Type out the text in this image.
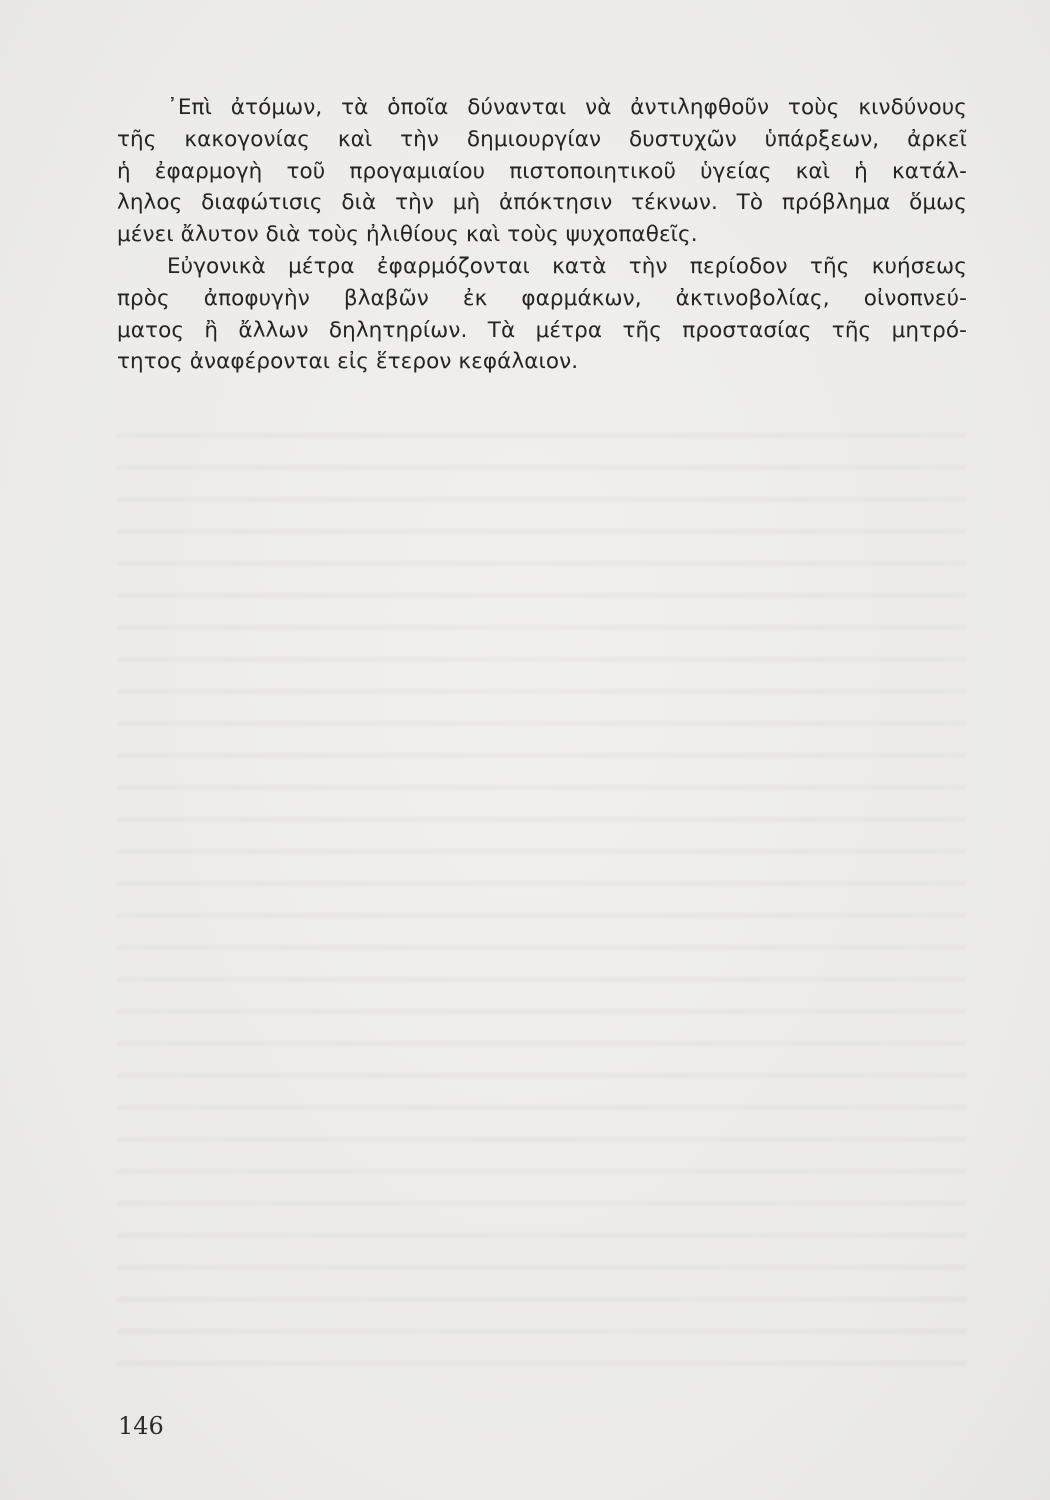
᾿Επὶ ἀτόμων, τὰ ὁποῖα δύνανται νὰ ἀντιληφθοῦν τοὺς κινδύνους
τῆς κακογονίας καὶ τὴν δημιουργίαν δυστυχῶν ὑπάρξεων, ἀρκεῖ
ἡ ἐφαρμογὴ τοῦ προγαμιαίου πιστοποιητικοῦ ὑγείας καὶ ἡ κατάλ-
ληλος διαφώτισις διὰ τὴν μὴ ἀπόκτησιν τέκνων. Τὸ πρόβλημα ὅμως
μένει ἄλυτον διὰ τοὺς ἠλιθίους καὶ τοὺς ψυχοπαθεῖς.
Εὐγονικὰ μέτρα ἐφαρμόζονται κατὰ τὴν περίοδον τῆς κυήσεως
πρὸς ἀποφυγὴν βλαβῶν ἐκ φαρμάκων, ἀκτινοβολίας, οἰνοπνεύ-
ματος ἢ ἄλλων δηλητηρίων. Τὰ μέτρα τῆς προστασίας τῆς μητρό-
τητος ἀναφέρονται εἰς ἕτερον κεφάλαιον.
146
